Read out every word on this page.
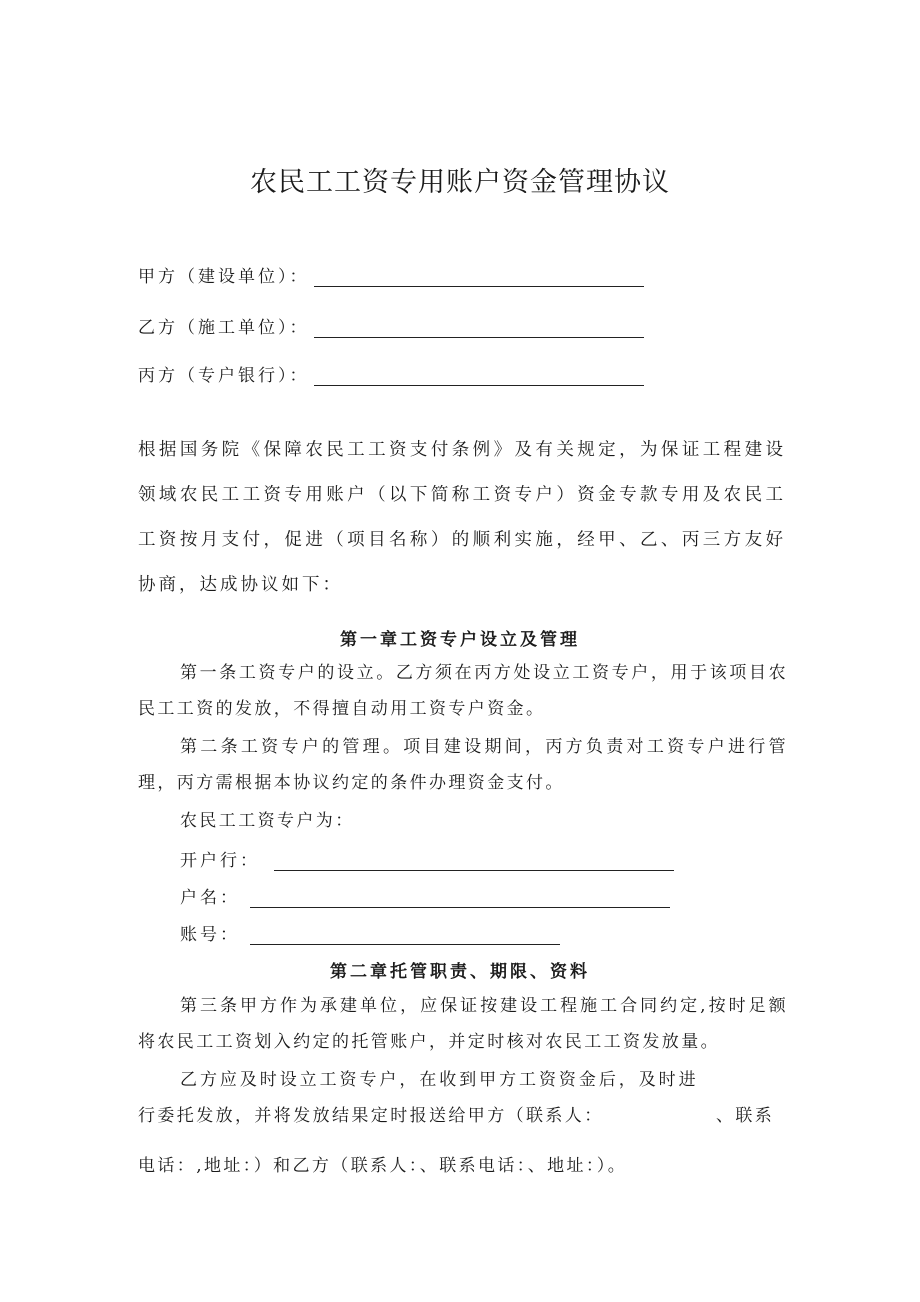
农民工工资专用账户资金管理协议
甲方（建设单位）：
乙方（施工单位）：
丙方（专户银行）：
根据国务院《保障农民工工资支付条例》及有关规定，为保证工程建设领域农民工工资专用账户（以下简称工资专户）资金专款专用及农民工工资按月支付，促进（项目名称）的顺利实施，经甲、乙、丙三方友好协商，达成协议如下：
第一章工资专户设立及管理
第一条工资专户的设立。乙方须在丙方处设立工资专户，用于该项目农民工工资的发放，不得擅自动用工资专户资金。
第二条工资专户的管理。项目建设期间，丙方负责对工资专户进行管理，丙方需根据本协议约定的条件办理资金支付。
农民工工资专户为：
开户行：
户名：
账号：
第二章托管职责、期限、资料
第三条甲方作为承建单位，应保证按建设工程施工合同约定,按时足额将农民工工资划入约定的托管账户，并定时核对农民工工资发放量。
乙方应及时设立工资专户，在收到甲方工资资金后，及时进行委托发放，并将发放结果定时报送给甲方（联系人：	、联系
电话：,地址：）和乙方（联系人：、联系电话：、地址：）。
